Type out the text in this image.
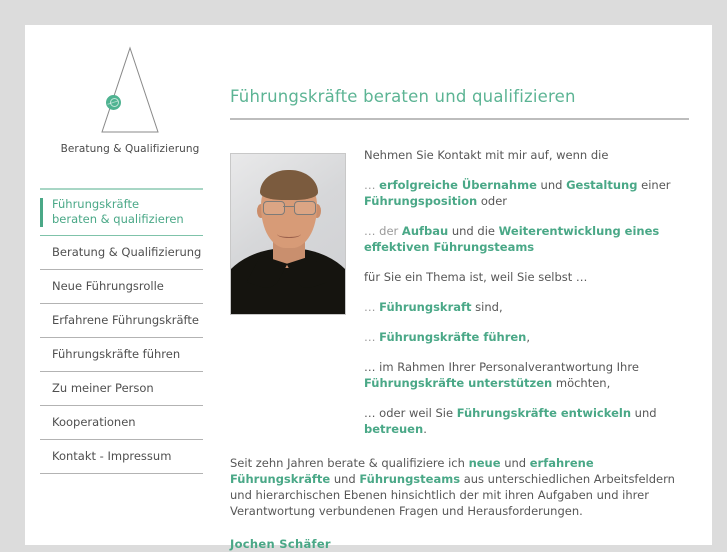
Beratung & Qualifizierung
Führungskräfte
beraten & qualifizieren
Beratung & Qualifizierung
Neue Führungsrolle
Erfahrene Führungskräfte
Führungskräfte führen
Zu meiner Person
Kooperationen
Kontakt - Impressum
Führungskräfte beraten und qualifizieren

Nehmen Sie Kontakt mit mir auf, wenn die

… erfolgreiche Übernahme und Gestaltung einer Führungsposition oder

… der Aufbau und die Weiterentwicklung eines effektiven Führungsteams

für Sie ein Thema ist, weil Sie selbst …

… Führungskraft sind,

… Führungskräfte führen,

… im Rahmen Ihrer Personalverantwortung Ihre Führungskräfte unterstützen möchten,

… oder weil Sie Führungskräfte entwickeln und betreuen.

Seit zehn Jahren berate & qualifiziere ich neue und erfahrene Führungskräfte und Führungsteams aus unterschiedlichen Arbeitsfeldern und hierarchischen Ebenen hinsichtlich der mit ihren Aufgaben und ihrer Verantwortung verbundenen Fragen und Herausforderungen.

Jochen Schäfer
